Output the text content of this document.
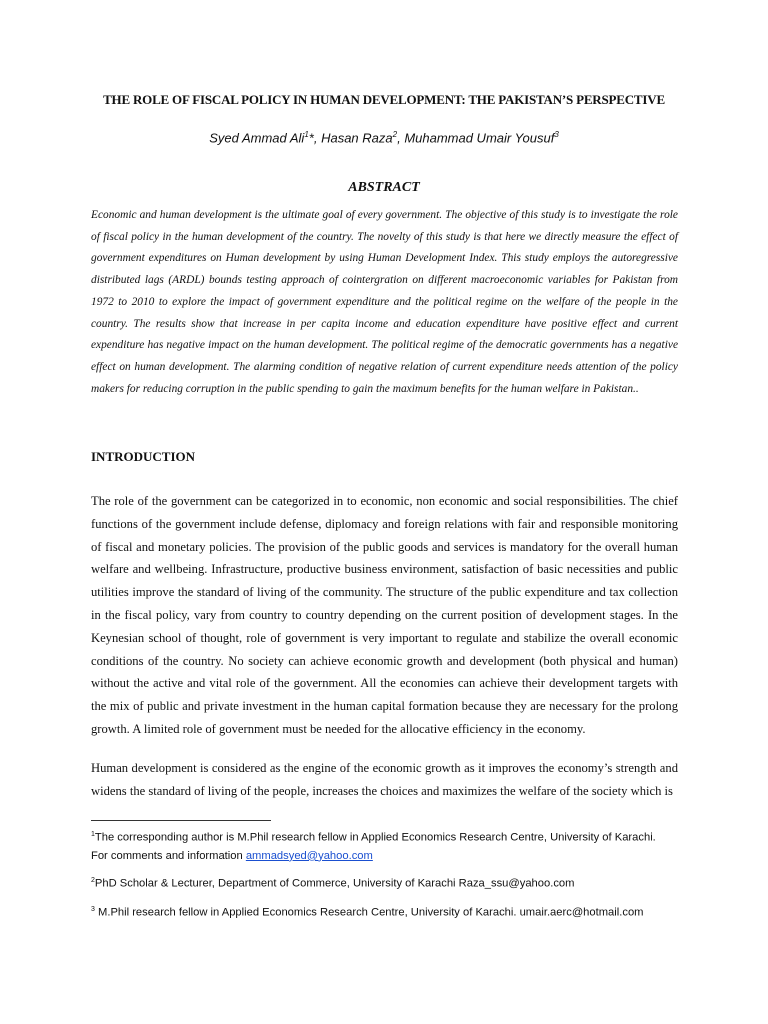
THE ROLE OF FISCAL POLICY IN HUMAN DEVELOPMENT: THE PAKISTAN’S PERSPECTIVE
Syed Ammad Ali$^1$*, Hasan Raza$^2$, Muhammad Umair Yousuf$^3$
ABSTRACT
Economic and human development is the ultimate goal of every government. The objective of this study is to investigate the role of fiscal policy in the human development of the country. The novelty of this study is that here we directly measure the effect of government expenditures on Human development by using Human Development Index. This study employs the autoregressive distributed lags (ARDL) bounds testing approach of cointergration on different macroeconomic variables for Pakistan from 1972 to 2010 to explore the impact of government expenditure and the political regime on the welfare of the people in the country. The results show that increase in per capita income and education expenditure have positive effect and current expenditure has negative impact on the human development. The political regime of the democratic governments has a negative effect on human development. The alarming condition of negative relation of current expenditure needs attention of the policy makers for reducing corruption in the public spending to gain the maximum benefits for the human welfare in Pakistan..
INTRODUCTION
The role of the government can be categorized in to economic, non economic and social responsibilities. The chief functions of the government include defense, diplomacy and foreign relations with fair and responsible monitoring of fiscal and monetary policies. The provision of the public goods and services is mandatory for the overall human welfare and wellbeing. Infrastructure, productive business environment, satisfaction of basic necessities and public utilities improve the standard of living of the community. The structure of the public expenditure and tax collection in the fiscal policy, vary from country to country depending on the current position of development stages. In the Keynesian school of thought, role of government is very important to regulate and stabilize the overall economic conditions of the country. No society can achieve economic growth and development (both physical and human) without the active and vital role of the government. All the economies can achieve their development targets with the mix of public and private investment in the human capital formation because they are necessary for the prolong growth. A limited role of government must be needed for the allocative efficiency in the economy.
Human development is considered as the engine of the economic growth as it improves the economy’s strength and widens the standard of living of the people, increases the choices and maximizes the welfare of the society which is
$^1$The corresponding author is M.Phil research fellow in Applied Economics Research Centre, University of Karachi.
For comments and information ammadsyed@yahoo.com
$^2$PhD Scholar & Lecturer, Department of Commerce, University of Karachi Raza_ssu@yahoo.com
$^3$ M.Phil research fellow in Applied Economics Research Centre, University of Karachi. umair.aerc@hotmail.com
